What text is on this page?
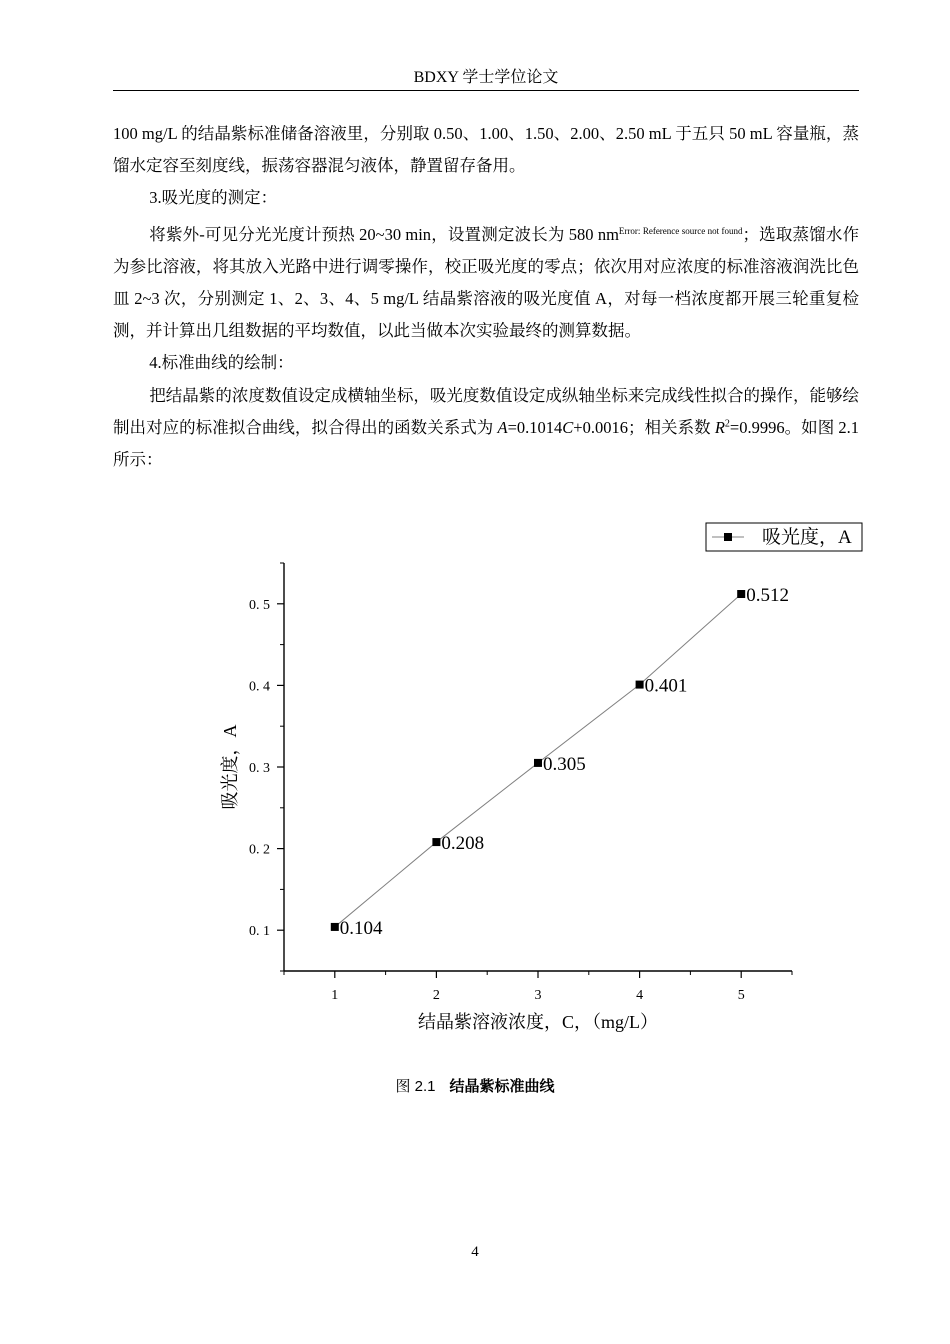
BDXY 学士学位论文

100 mg/L 的结晶紫标准储备溶液里，分别取 0.50、1.00、1.50、2.00、2.50 mL 于五只 50 mL 容量瓶，蒸馏水定容至刻度线，振荡容器混匀液体，静置留存备用。

3.吸光度的测定：

将紫外-可见分光光度计预热 20~30 min，设置测定波长为 580 nm$^{Error: Reference source not found}$；选取蒸馏水作为参比溶液，将其放入光路中进行调零操作，校正吸光度的零点；依次用对应浓度的标准溶液润洗比色皿 2~3 次，分别测定 1、2、3、4、5 mg/L 结晶紫溶液的吸光度值 A，对每一档浓度都开展三轮重复检测，并计算出几组数据的平均数值，以此当做本次实验最终的测算数据。

4.标准曲线的绘制：

把结晶紫的浓度数值设定成横轴坐标，吸光度数值设定成纵轴坐标来完成线性拟合的操作，能够绘制出对应的标准拟合曲线，拟合得出的函数关系式为 A=0.1014C+0.0016；相关系数 $R^2=0.9996$。如图 2.1 所示：

0. 1
0. 2
0. 3
0. 4
0. 5
1	2	3	4	5
0.104
0.208
0.305
0.401
0.512
结晶紫溶液浓度，C，（mg/L）
吸光度，A
吸光度，A
图 2.1 结晶紫标准曲线
4
